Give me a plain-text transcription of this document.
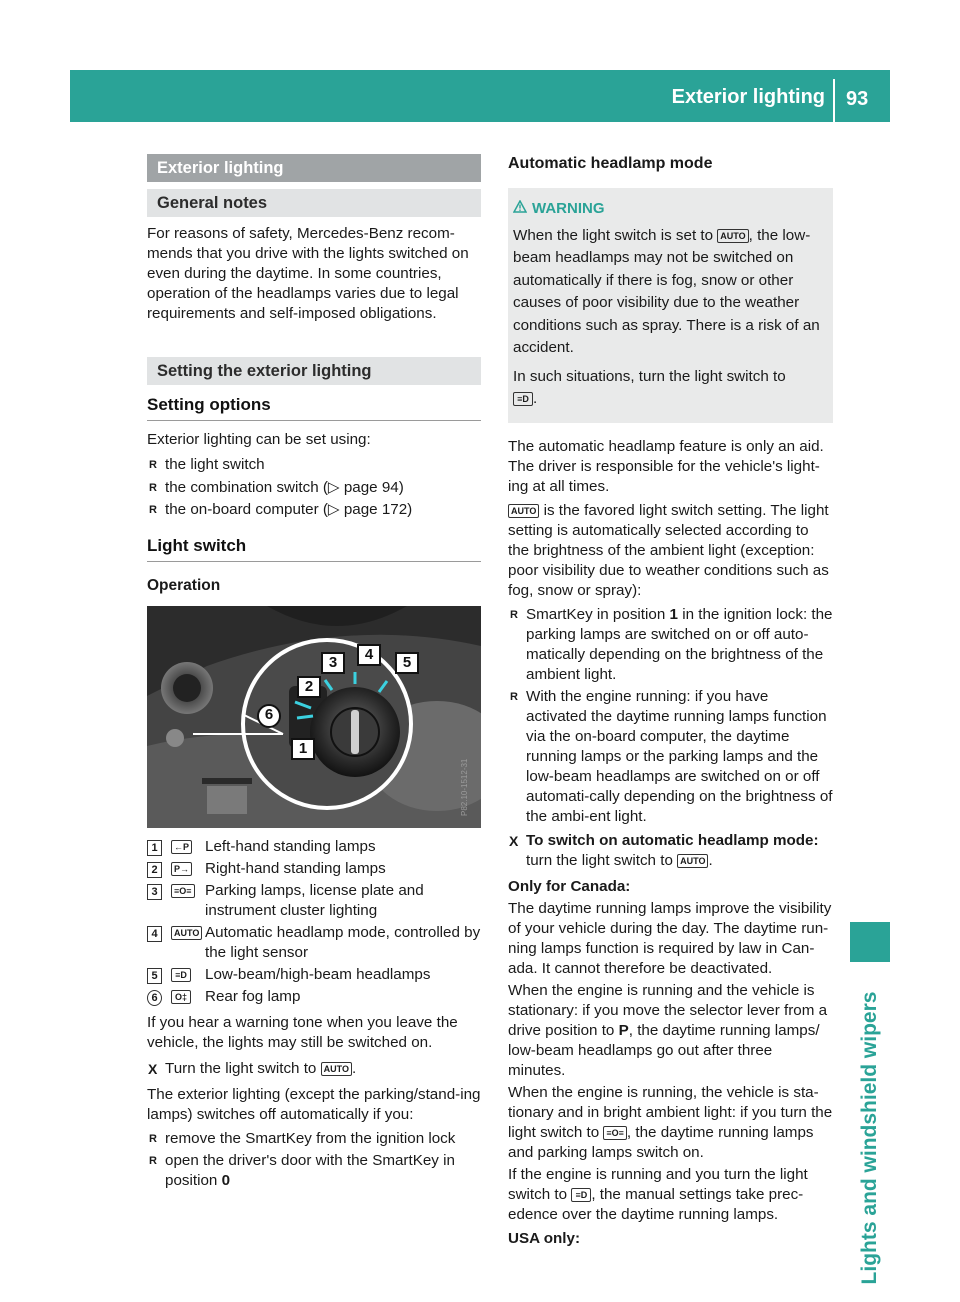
Exterior lighting 93
Lights and windshield wipers
Exterior lighting
General notes

For reasons of safety, Mercedes-Benz recom-mends that you drive with the lights switched on even during the daytime. In some countries, operation of the headlamps varies due to legal requirements and self-imposed obligations.

Setting the exterior lighting
Setting options

Exterior lighting can be set using:

R the light switch
R the combination switch (▷ page 94)
R the on-board computer (▷ page 172)
Light switch
Operation
P82.10-1512-31
1
2
3	4	5
6
1	←P	Left-hand standing lamps
2	P→	Right-hand standing lamps
3	≡O≡ Parking lamps, license plate and instrument cluster lighting
4	AUTO Automatic headlamp mode, controlled by the light sensor
5	≡D	Low-beam/high-beam headlamps
6	O‡	Rear fog lamp

If you hear a warning tone when you leave the vehicle, the lights may still be switched on.

X Turn the light switch to AUTO .

The exterior lighting (except the parking/stand-ing lamps) switches off automatically if you:

R remove the SmartKey from the ignition lock
R open the driver's door with the SmartKey in position 0
Automatic headlamp mode
WARNING

When the light switch is set to AUTO , the low-beam headlamps may not be switched on automatically if there is fog, snow or other causes of poor visibility due to the weather conditions such as spray. There is a risk of an accident.

In such situations, turn the light switch to
≡D .

The automatic headlamp feature is only an aid. The driver is responsible for the vehicle's light-ing at all times.

AUTO is the favored light switch setting. The light setting is automatically selected according to the brightness of the ambient light (exception: poor visibility due to weather conditions such as fog, snow or spray):

R SmartKey in position 1 in the ignition lock: the parking lamps are switched on or off auto-matically depending on the brightness of the ambient light.
R With the engine running: if you have activated the daytime running lamps function via the on-board computer, the daytime running lamps or the parking lamps and the low-beam headlamps are switched on or off automati-cally depending on the brightness of the ambi-ent light.
X To switch on automatic headlamp mode:
turn the light switch to AUTO .
Only for Canada:

The daytime running lamps improve the visibility of your vehicle during the day. The daytime run-ning lamps function is required by law in Can-ada. It cannot therefore be deactivated.

When the engine is running and the vehicle is stationary: if you move the selector lever from a drive position to P, the daytime running lamps/ low-beam headlamps go out after three minutes.

When the engine is running, the vehicle is sta-tionary and in bright ambient light: if you turn the light switch to ≡O≡ , the daytime running lamps and parking lamps switch on.

If the engine is running and you turn the light switch to ≡D , the manual settings take prec-edence over the daytime running lamps.

USA only:
